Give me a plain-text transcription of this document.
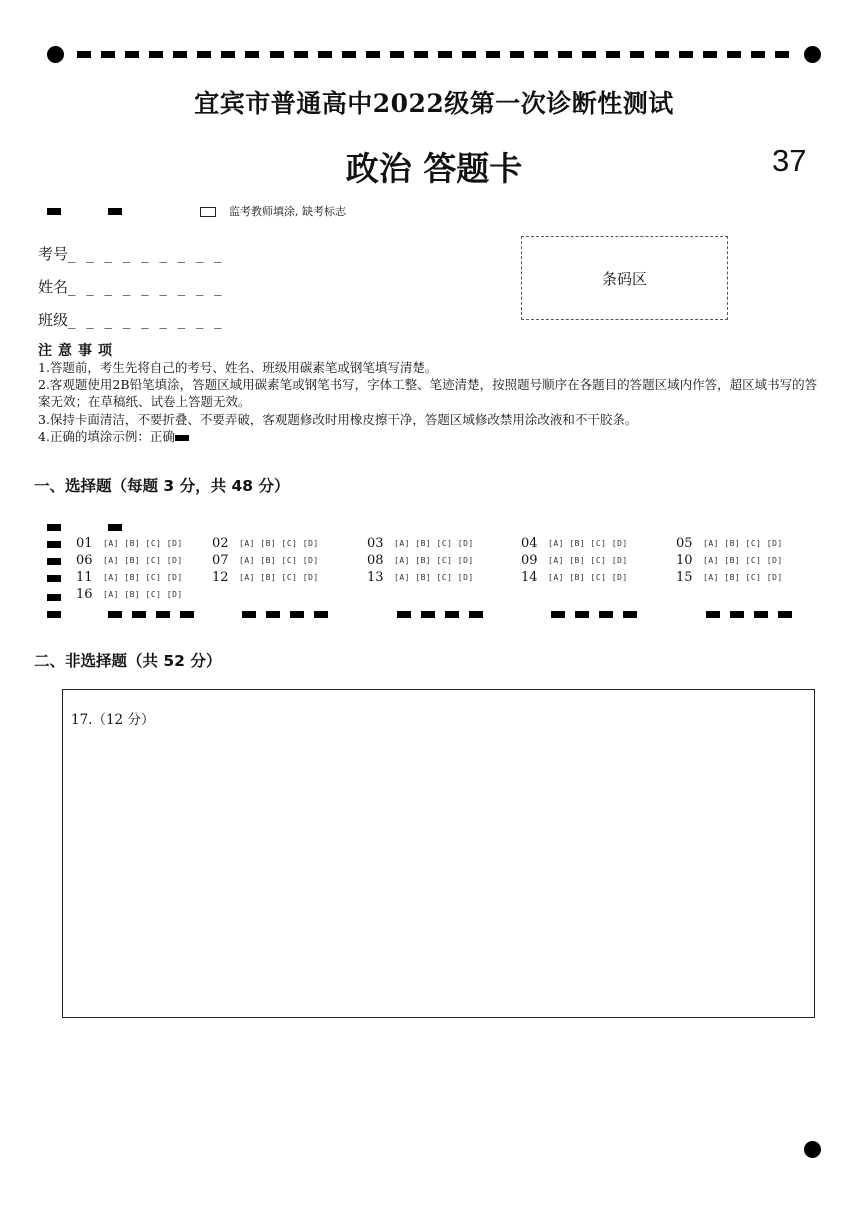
宜宾市普通高中2022级第一次诊断性测试
政治 答题卡	37
监考教师填涂, 缺考标志
考号_ _ _ _ _ _ _ _ _
姓名_ _ _ _ _ _ _ _ _
班级_ _ _ _ _ _ _ _ _
条码区
注意事项
1.答题前，考生先将自己的考号、姓名、班级用碳素笔或钢笔填写清楚。
2.客观题使用2B铅笔填涂，答题区域用碳素笔或钢笔书写，字体工整、笔迹清楚，按照题号顺序在各题目的答题区域内作答，超区域书写的答案无效；在草稿纸、试卷上答题无效。
3.保持卡面清洁，不要折叠、不要弄破，客观题修改时用橡皮擦干净，答题区域修改禁用涂改液和不干胶条。
4.正确的填涂示例：正确
一、选择题（每题 3 分，共 48 分）
01 [A] [B] [C] [D] 02 [A] [B] [C] [D]	03 [A] [B] [C] [D]	04 [A] [B] [C] [D]	05 [A] [B] [C] [D]
06 [A] [B] [C] [D] 07 [A] [B] [C] [D]	08 [A] [B] [C] [D]	09 [A] [B] [C] [D]	10 [A] [B] [C] [D]
11 [A] [B] [C] [D] 12 [A] [B] [C] [D]	13 [A] [B] [C] [D]	14 [A] [B] [C] [D]	15 [A] [B] [C] [D]
16 [A] [B] [C] [D]
二、非选择题（共 52 分）
17.（12 分）
